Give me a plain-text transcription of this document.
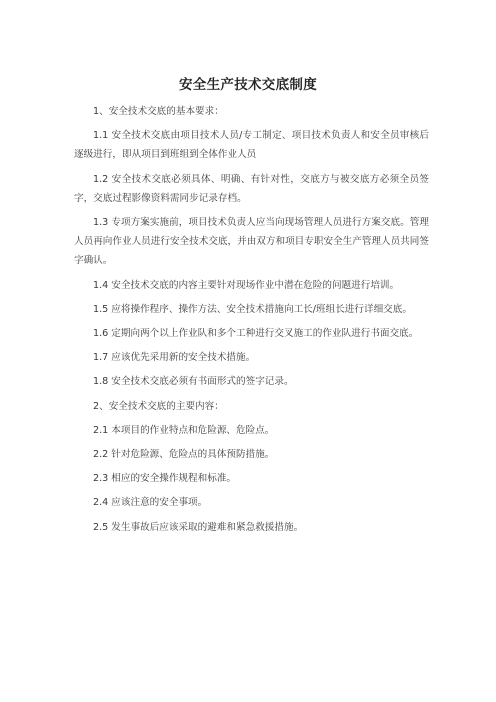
安全生产技术交底制度

1、安全技术交底的基本要求：

1.1 安全技术交底由项目技术人员/专工制定、项目技术负责人和安全员审核后逐级进行，即从项目到班组到全体作业人员

1.2 安全技术交底必须具体、明确、有针对性，交底方与被交底方必须全员签字，交底过程影像资料需同步记录存档。

1.3 专项方案实施前，项目技术负责人应当向现场管理人员进行方案交底。管理人员再向作业人员进行安全技术交底，并由双方和项目专职安全生产管理人员共同签字确认。

1.4 安全技术交底的内容主要针对现场作业中潜在危险的问题进行培训。

1.5 应将操作程序、操作方法、安全技术措施向工长/班组长进行详细交底。

1.6 定期向两个以上作业队和多个工种进行交叉施工的作业队进行书面交底。

1.7 应该优先采用新的安全技术措施。

1.8 安全技术交底必须有书面形式的签字记录。

2、安全技术交底的主要内容：

2.1 本项目的作业特点和危险源、危险点。

2.2 针对危险源、危险点的具体预防措施。

2.3 相应的安全操作规程和标准。

2.4 应该注意的安全事项。

2.5 发生事故后应该采取的避难和紧急救援措施。
